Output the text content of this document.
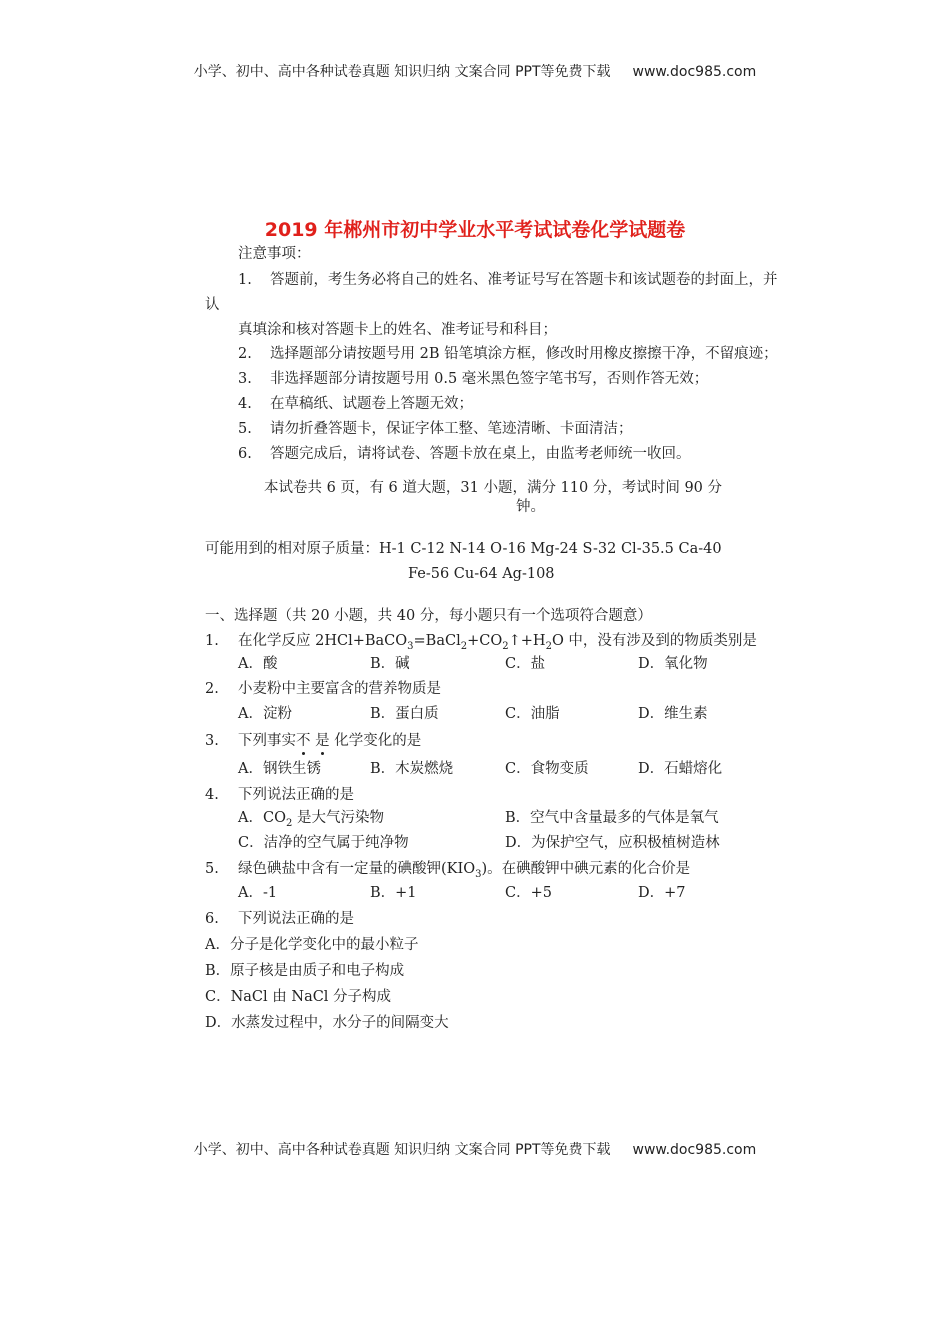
小学、初中、高中各种试卷真题 知识归纳 文案合同 PPT等免费下载 www.doc985.com
2019 年郴州市初中学业水平考试试卷化学试题卷
注意事项：
1. 答题前，考生务必将自己的姓名、准考证号写在答题卡和该试题卷的封面上，并
认
真填涂和核对答题卡上的姓名、准考证号和科目；
2. 选择题部分请按题号用 2B 铅笔填涂方框，修改时用橡皮擦擦干净，不留痕迹；
3. 非选择题部分请按题号用 0.5 毫米黑色签字笔书写，否则作答无效；
4. 在草稿纸、试题卷上答题无效；
5. 请勿折叠答题卡，保证字体工整、笔迹清晰、卡面清洁；
6. 答题完成后，请将试卷、答题卡放在桌上，由监考老师统一收回。
本试卷共 6 页，有 6 道大题，31 小题，满分 110 分，考试时间 90 分
钟。
可能用到的相对原子质量：H-1 C-12 N-14 O-16 Mg-24 S-32 Cl-35.5 Ca-40
Fe-56 Cu-64 Ag-108
一、选择题（共 20 小题，共 40 分，每小题只有一个选项符合题意）
1. 在化学反应 $2HCl+BaCO_3=BaCl_2+CO_2↑+H_2O$ 中，没有涉及到的物质类别是
A．酸	B．碱	C．盐	D．氧化物
2. 小麦粉中主要富含的营养物质是
A．淀粉	B．蛋白质	C．油脂	D．维生素
3. 下列事实不 是 化学变化的是
A．钢铁生锈	B．木炭燃烧	C．食物变质	D．石蜡熔化
4. 下列说法正确的是
A．$CO_2$ 是大气污染物	B．空气中含量最多的气体是氧气
C．洁净的空气属于纯净物	D．为保护空气，应积极植树造林
5. 绿色碘盐中含有一定量的碘酸钾$(KIO_3)$。在碘酸钾中碘元素的化合价是
A．-1	B．+1	C．+5	D．+7
6. 下列说法正确的是
A．分子是化学变化中的最小粒子
B．原子核是由质子和电子构成
C．NaCl 由 NaCl 分子构成
D．水蒸发过程中，水分子的间隔变大
小学、初中、高中各种试卷真题 知识归纳 文案合同 PPT等免费下载 www.doc985.com
